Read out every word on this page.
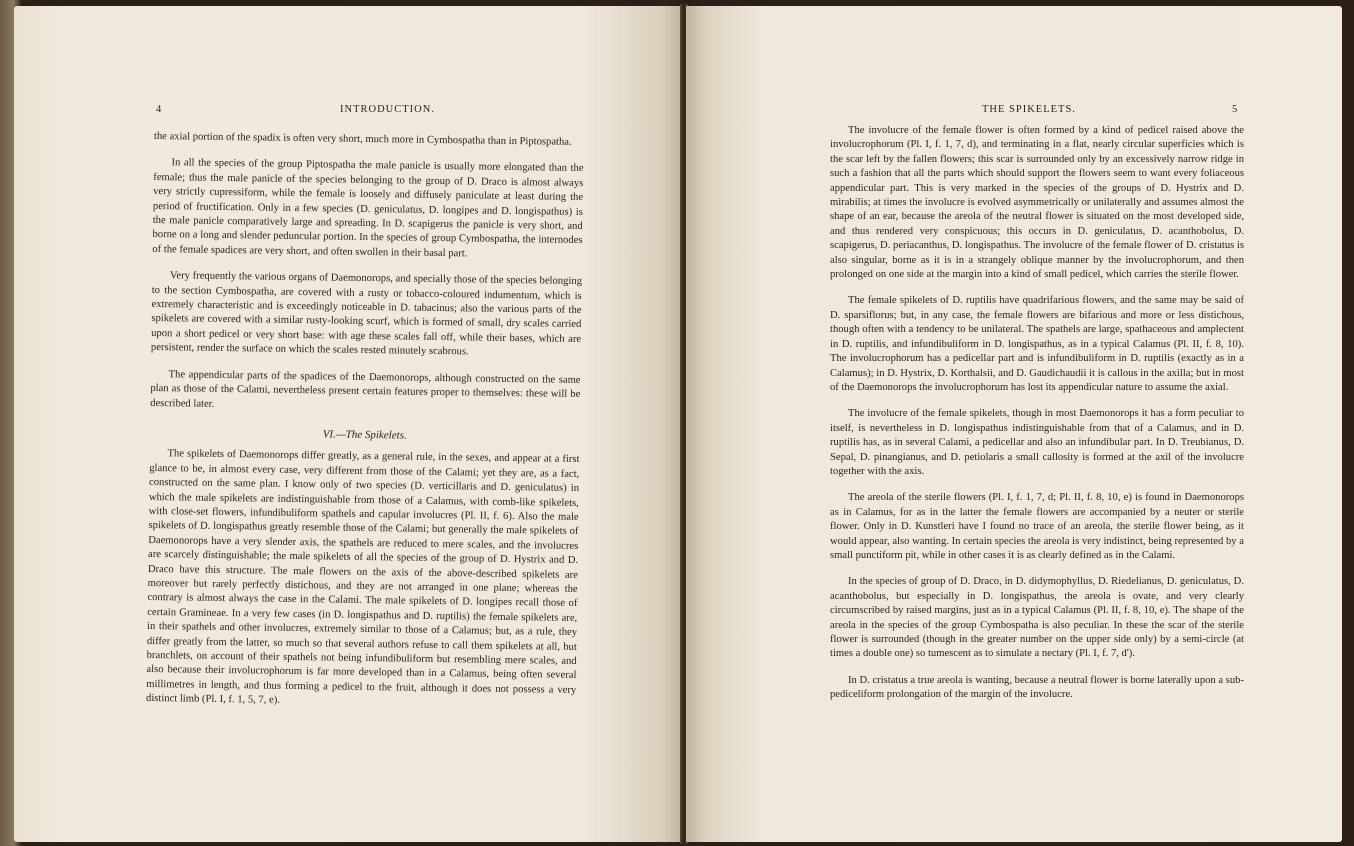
4	INTRODUCTION.

the axial portion of the spadix is often very short, much more in Cymbospatha than in Piptospatha.

In all the species of the group Piptospatha the male panicle is usually more elongated than the female; thus the male panicle of the species belonging to the group of D. Draco is almost always very strictly cupressiform, while the female is loosely and diffusely paniculate at least during the period of fructification. Only in a few species (D. geniculatus, D. longipes and D. longispathus) is the male panicle comparatively large and spreading. In D. scapigerus the panicle is very short, and borne on a long and slender peduncular portion. In the species of group Cymbospatha, the internodes of the female spadices are very short, and often swollen in their basal part.

Very frequently the various organs of Daemonorops, and specially those of the species belonging to the section Cymbospatha, are covered with a rusty or tobacco-coloured indumentum, which is extremely characteristic and is exceedingly noticeable in D. tabacinus; also the various parts of the spikelets are covered with a similar rusty-looking scurf, which is formed of small, dry scales carried upon a short pedicel or very short base: with age these scales fall off, while their bases, which are persistent, render the surface on which the scales rested minutely scabrous.

The appendicular parts of the spadices of the Daemonorops, although constructed on the same plan as those of the Calami, nevertheless present certain features proper to themselves: these will be described later.

VI.—The Spikelets.

The spikelets of Daemonorops differ greatly, as a general rule, in the sexes, and appear at a first glance to be, in almost every case, very different from those of the Calami; yet they are, as a fact, constructed on the same plan. I know only of two species (D. verticillaris and D. geniculatus) in which the male spikelets are indistinguishable from those of a Calamus, with comb-like spikelets, with close-set flowers, infundibuliform spathels and capular involucres (Pl. II, f. 6). Also the male spikelets of D. longispathus greatly resemble those of the Calami; but generally the male spikelets of Daemonorops have a very slender axis, the spathels are reduced to mere scales, and the involucres are scarcely distinguishable; the male spikelets of all the species of the group of D. Hystrix and D. Draco have this structure. The male flowers on the axis of the above-described spikelets are moreover but rarely perfectly distichous, and they are not arranged in one plane; whereas the contrary is almost always the case in the Calami. The male spikelets of D. longipes recall those of certain Gramineae. In a very few cases (in D. longispathus and D. ruptilis) the female spikelets are, in their spathels and other involucres, extremely similar to those of a Calamus; but, as a rule, they differ greatly from the latter, so much so that several authors refuse to call them spikelets at all, but branchlets, on account of their spathels not being infundibuliform but resembling mere scales, and also because their involucrophorum is far more developed than in a Calamus, being often several millimetres in length, and thus forming a pedicel to the fruit, although it does not possess a very distinct limb (Pl. I, f. 1, 5, 7, e).

THE SPIKELETS.	5

The involucre of the female flower is often formed by a kind of pedicel raised above the involucrophorum (Pl. I, f. 1, 7, d), and terminating in a flat, nearly circular superficies which is the scar left by the fallen flowers; this scar is surrounded only by an excessively narrow ridge in such a fashion that all the parts which should support the flowers seem to want every foliaceous appendicular part. This is very marked in the species of the groups of D. Hystrix and D. mirabilis; at times the involucre is evolved asymmetrically or unilaterally and assumes almost the shape of an ear, because the areola of the neutral flower is situated on the most developed side, and thus rendered very conspicuous; this occurs in D. geniculatus, D. acanthobolus, D. scapigerus, D. periacanthus, D. longispathus. The involucre of the female flower of D. cristatus is also singular, borne as it is in a strangely oblique manner by the involucrophorum, and then prolonged on one side at the margin into a kind of small pedicel, which carries the sterile flower.

The female spikelets of D. ruptilis have quadrifarious flowers, and the same may be said of D. sparsiflorus; but, in any case, the female flowers are bifarious and more or less distichous, though often with a tendency to be unilateral. The spathels are large, spathaceous and amplectent in D. ruptilis, and infundibuliform in D. longispathus, as in a typical Calamus (Pl. II, f. 8, 10). The involucrophorum has a pedicellar part and is infundibuliform in D. ruptilis (exactly as in a Calamus); in D. Hystrix, D. Korthalsii, and D. Gaudichaudii it is callous in the axilla; but in most of the Daemonorops the involucrophorum has lost its appendicular nature to assume the axial.

The involucre of the female spikelets, though in most Daemonorops it has a form peculiar to itself, is nevertheless in D. longispathus indistinguishable from that of a Calamus, and in D. ruptilis has, as in several Calami, a pedicellar and also an infundibular part. In D. Treubianus, D. Sepal, D. pinangianus, and D. petiolaris a small callosity is formed at the axil of the involucre together with the axis.

The areola of the sterile flowers (Pl. I, f. 1, 7, d; Pl. II, f. 8, 10, e) is found in Daemonorops as in Calamus, for as in the latter the female flowers are accompanied by a neuter or sterile flower. Only in D. Kunstleri have I found no trace of an areola, the sterile flower being, as it would appear, also wanting. In certain species the areola is very indistinct, being represented by a small punctiform pit, while in other cases it is as clearly defined as in the Calami.

In the species of group of D. Draco, in D. didymophyllus, D. Riedelianus, D. geniculatus, D. acanthobolus, but especially in D. longispathus, the areola is ovate, and very clearly circumscribed by raised margins, just as in a typical Calamus (Pl. II, f. 8, 10, e). The shape of the areola in the species of the group Cymbospatha is also peculiar. In these the scar of the sterile flower is surrounded (though in the greater number on the upper side only) by a semi-circle (at times a double one) so tumescent as to simulate a nectary (Pl. I, f. 7, d').

In D. cristatus a true areola is wanting, because a neutral flower is borne laterally upon a sub-pediceliform prolongation of the margin of the involucre.
